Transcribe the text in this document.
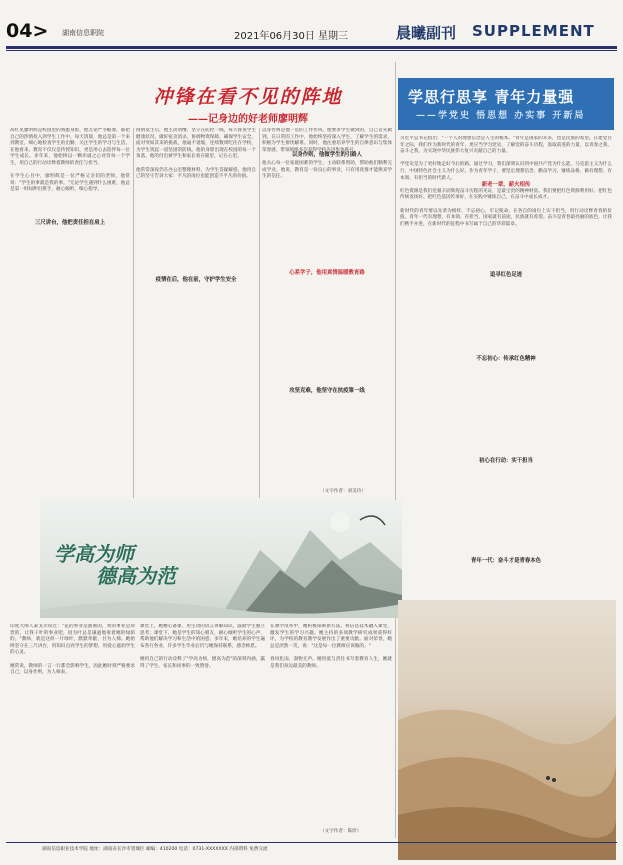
04> 湖南信息职院	2021年06月30日 星期三	晨曦副刊 SUPPLEMENT
冲锋在看不见的阵地
——记身边的好老师廖明辉
高红见廖明辉是校园里的熟悉身影，他无论严冬酷暑，都把自己的热情投入到学生工作中。每天清晨，他总是第一个来到教室，细心地检查学生的出勤，关注学生的学习与生活。在他看来，教育不仅仅是传授知识，更是用心去陪伴每一位学生成长。多年来，他始终以一颗赤诚之心对待每一个学生，用自己的行动诠释着教师的责任与担当。

在学生心目中，廖明辉是一位严格又亲切的老师，他常说："学生的事就是我的事。"无论学生遇到什么困难，他总是第一时间伸出援手，耐心倾听，细心指导。
三尺讲台，他把责任担在肩上
疫情发生后，他主动请缨，坚守在防控一线，每天排查学生健康状况，做好宿舍消杀，协调物资保障，确保学生安全。面对突如其来的挑战，他毫不退缩，连续数周吃住在学校，为学生筑起一道坚固的防线。他的身影出现在校园的每一个角落，他的付出被学生和家长看在眼里，记在心里。

他常常深夜仍在办公室整理材料，为学生答疑解惑。他用自己的坚守告诉大家：平凡的岗位也能创造不平凡的价值。
疫情在后，他在前，守护学生安全
以身作则是他一贯的工作作风。他要求学生做到的，自己首先做到。在日常的工作中，他始终坚持深入学生，了解学生的需求，积极为学生排忧解难。同时，他注重培养学生的自律意识与集体荣誉感，带领班级多次获得学校先进集体称号。

他关心每一位家庭困难的学生，主动联系资助，帮助他们顺利完成学业。他说，教育是一份良心的事业，只有用真情才能换来学生的信任。
以身作则，他做学生的引路人
心系学子，他用真情温暖教育路
攻坚克难，他坚守在抗疫第一线
（文字作者：刘美玲）
学思行思享 青年力量强
——学党史 悟思想 办实事 开新局
习近平总书记指出："一个人的理想信念是人生的根本。"青年是国家的未来，也是民族的希望。在建党百年之际，我们作为新时代的青年，更应当学习党史，了解党的奋斗历程，汲取前进的力量，以青春之我，奋斗之我，为实现中华民族伟大复兴贡献自己的力量。

学党史是为了更好地走好今后的路。通过学习，我们深刻认识到中国共产党为什么能，马克思主义为什么行，中国特色社会主义为什么好。作为青年学子，要坚定理想信念，勤奋学习，锤炼品格，做有理想、有本领、有担当的时代新人。

红色资源是我们党艰辛而辉煌奋斗历程的见证，是最宝贵的精神财富。我们要把红色资源利用好、把红色传统发扬好、把红色基因传承好，在实践中锤炼自己，在奋斗中成长成才。

新时代的青年要以先辈为榜样，不忘初心，牢记使命，在各自的岗位上实干担当，用行动诠释青春的价值。青年一代有理想、有本领、有担当，国家就有前途，民族就有希望。奋斗是青春最亮丽的底色，让我们携手并进，在新时代的征程中书写属于自己的华彩篇章。
新老一辈，薪火相传
追寻红色足迹
不忘初心：传承红色精神
初心在行动：实干担当
青年一代：奋斗才是青春本色
学高为师
德高为范
印度大师人泰戈尔说过："花的事业是甜蜜的，果的事业是珍贵的，让我干叶的事业吧，因为叶总是谦逊地垂着她的绿荫的。"教师，就是这样一片绿叶，默默奉献，甘为人梯。她始终坚守在三尺讲台，用知识点亮学生的梦想，用爱心滋润学生的心灵。

她常说，教师的一言一行都会影响学生，因此她时刻严格要求自己，以身作则，为人师表。
课堂上，她精心备课，用生动的语言讲解知识，鼓励学生独立思考；课堂下，她是学生的知心朋友，耐心倾听学生的心声，帮助他们解决学习和生活中的困惑。多年来，她培养的学生遍布各行各业，许多学生毕业后仍与她保持联系，感念师恩。

她用自己的行动诠释了"学高为师，德高为范"的深刻内涵，赢得了学生、家长和同事的一致赞誉。
在教学改革中，她积极探索新方法，将信息技术融入课堂，激发学生的学习兴趣。她主持的多项教学研究成果获得好评，为学校的教育教学发展作出了重要贡献。面对荣誉，她总是淡然一笑，说："这是每一位教师应该做的。"

春风化雨，润物无声。她用爱与责任书写着教育人生，她就是我们身边最美的教师。
（文字作者：陈欣）
湖南信息职业技术学院 地址：湖南省长沙市望城区 邮编：410200 电话：0731-XXXXXXX 内部资料 免费交流
